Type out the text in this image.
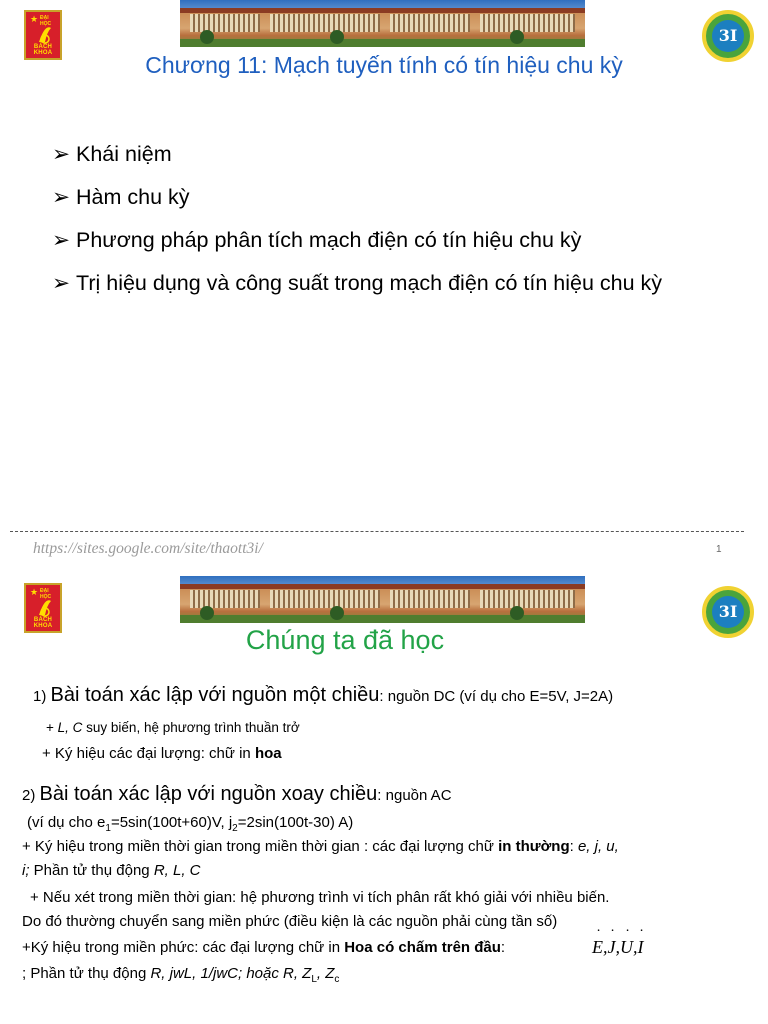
★ ĐẠI HỌC
BÁCH KHOA
3I
Chương 11: Mạch tuyến tính có tín hiệu chu kỳ
➢ Khái niệm
➢ Hàm chu kỳ
➢ Phương pháp phân tích mạch điện có tín hiệu chu kỳ
➢ Trị hiệu dụng và công suất trong mạch điện có tín hiệu chu kỳ
https://sites.google.com/site/thaott3i/	1
★ ĐẠI HỌC
BÁCH KHOA
3I
Chúng ta đã học
1) Bài toán xác lập với nguồn một chiều: nguồn DC (ví dụ cho E=5V, J=2A)
+ L, C suy biến, hệ phương trình thuần trở
+ Ký hiệu các đại lượng: chữ in hoa
2) Bài toán xác lập với nguồn xoay chiều: nguồn AC
(ví dụ cho $e_1=5\sin(100t+60)V$, $j_2=2\sin(100t-30)$ A)
+ Ký hiệu trong miền thời gian trong miền thời gian : các đại lượng chữ in thường: e, j, u,
i; Phần tử thụ động R, L, C
+ Nếu xét trong miền thời gian: hệ phương trình vi tích phân rất khó giải với nhiều biến.
Do đó thường chuyển sang miền phức (điều kiện là các nguồn phải cùng tần số)
+Ký hiệu trong miền phức: các đại lượng chữ in Hoa có chấm trên đầu:
˙	E,˙ J,˙ U,˙ I
; Phần tử thụ động R, jwL, 1/jwC; hoặc R, $Z_L$, $Z_c$
